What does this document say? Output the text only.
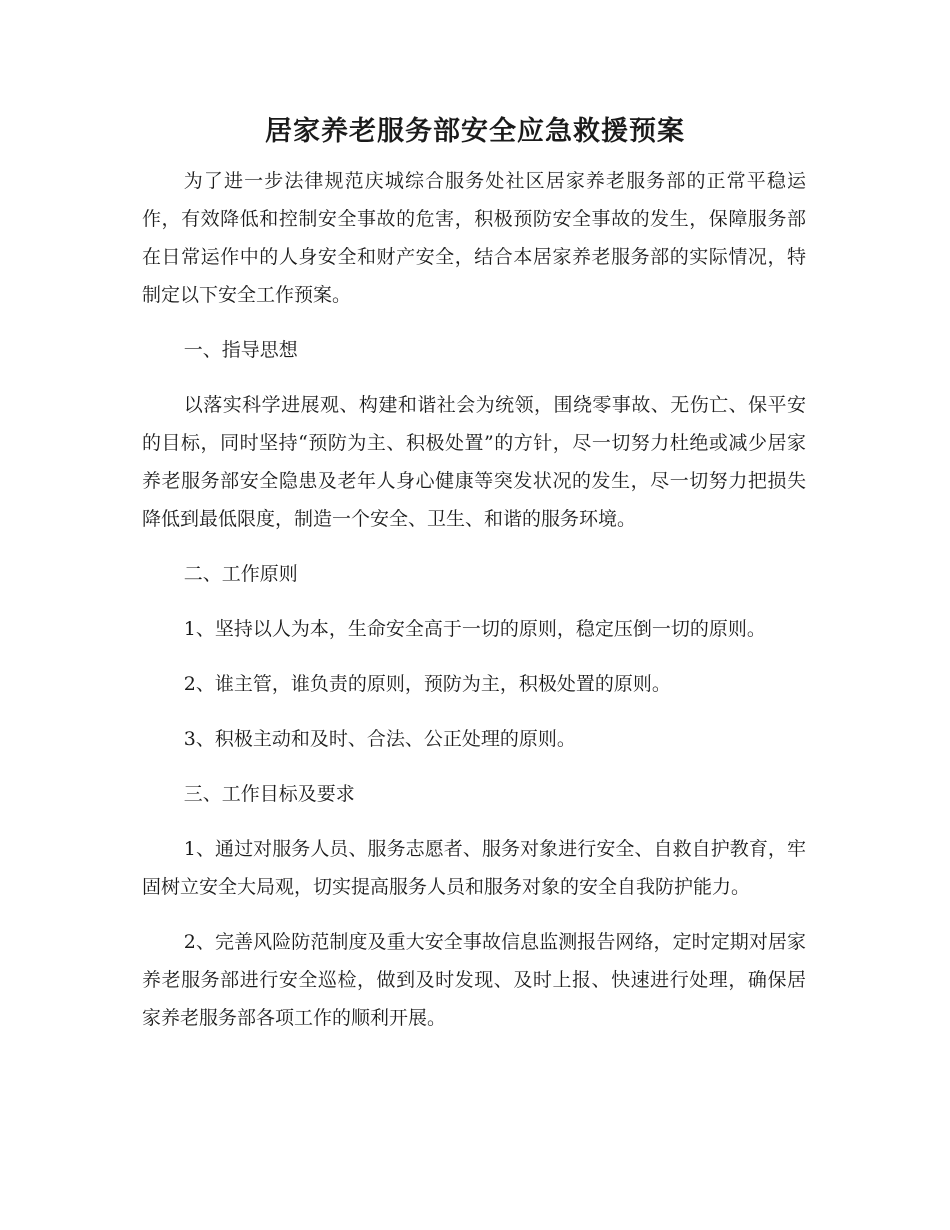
居家养老服务部安全应急救援预案

为了进一步法律规范庆城综合服务处社区居家养老服务部的正常平稳运作，有效降低和控制安全事故的危害，积极预防安全事故的发生，保障服务部在日常运作中的人身安全和财产安全，结合本居家养老服务部的实际情况，特制定以下安全工作预案。

一、指导思想

以落实科学进展观、构建和谐社会为统领，围绕零事故、无伤亡、保平安的目标，同时坚持“预防为主、积极处置”的方针，尽一切努力杜绝或减少居家养老服务部安全隐患及老年人身心健康等突发状况的发生，尽一切努力把损失降低到最低限度，制造一个安全、卫生、和谐的服务环境。

二、工作原则

1、坚持以人为本，生命安全高于一切的原则，稳定压倒一切的原则。

2、谁主管，谁负责的原则，预防为主，积极处置的原则。

3、积极主动和及时、合法、公正处理的原则。

三、工作目标及要求

1、通过对服务人员、服务志愿者、服务对象进行安全、自救自护教育，牢固树立安全大局观，切实提高服务人员和服务对象的安全自我防护能力。

2、完善风险防范制度及重大安全事故信息监测报告网络，定时定期对居家养老服务部进行安全巡检，做到及时发现、及时上报、快速进行处理，确保居家养老服务部各项工作的顺利开展。
